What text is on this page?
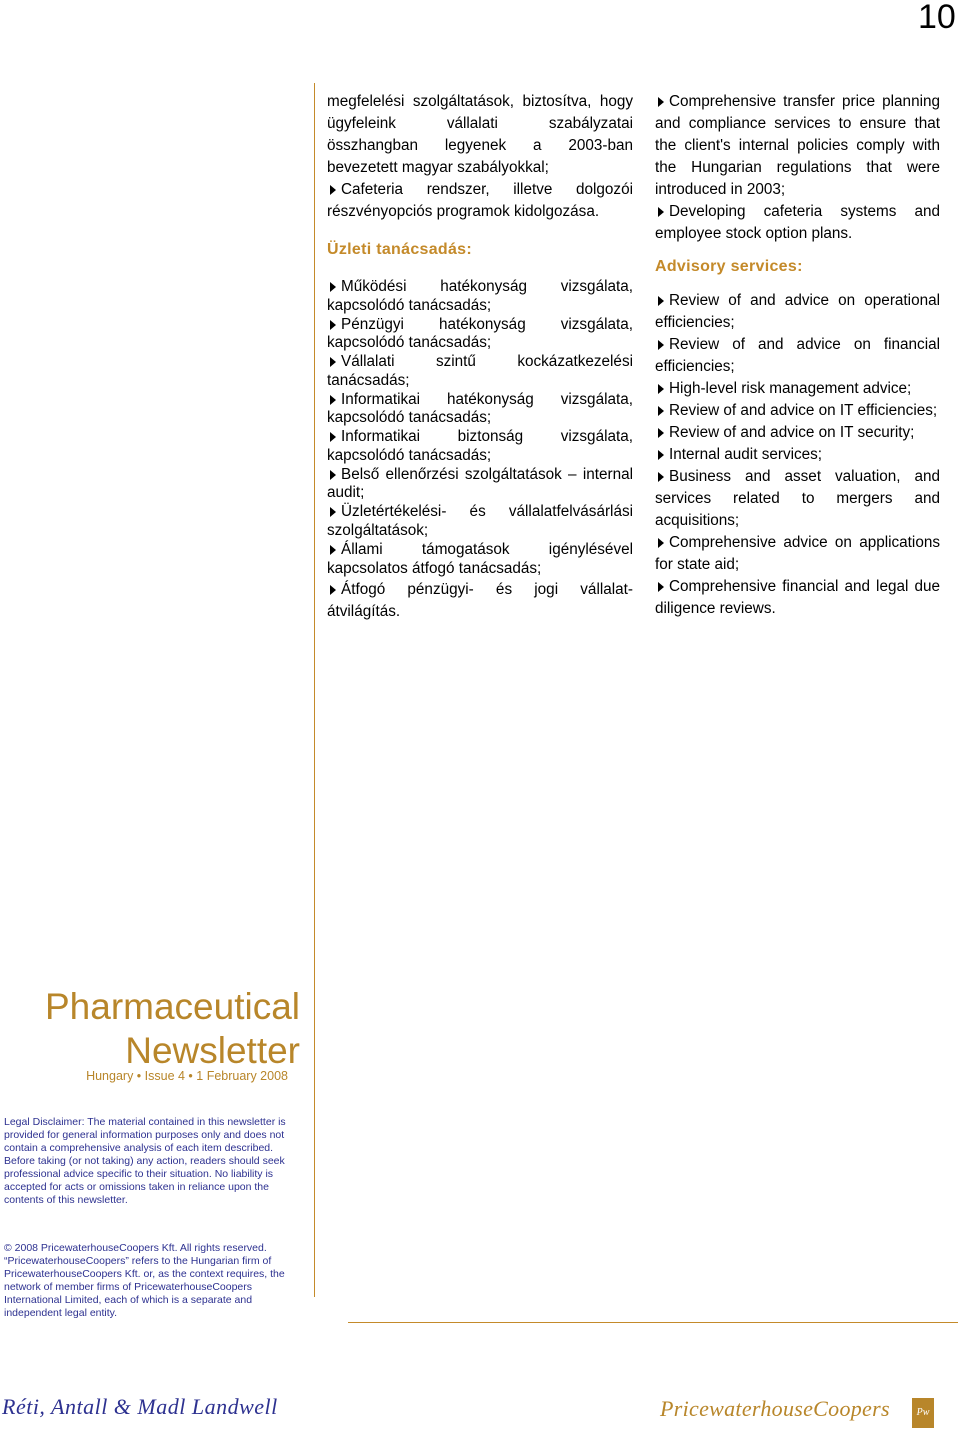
10

megfelelési szolgáltatások, biztosítva, hogy ügyfeleink vállalati szabályzatai összhangban legyenek a 2003-ban bevezetett magyar szabályokkal;

Cafeteria rendszer, illetve dolgozói részvényopciós programok kidolgozása.

Üzleti tanácsadás:

Működési hatékonyság vizsgálata, kapcsolódó tanácsadás;

Pénzügyi hatékonyság vizsgálata, kapcsolódó tanácsadás;

Vállalati szintű kockázatkezelési tanácsadás;

Informatikai hatékonyság vizsgálata, kapcsolódó tanácsadás;

Informatikai biztonság vizsgálata, kapcsolódó tanácsadás;

Belső ellenőrzési szolgáltatások – internal audit;

Üzletértékelési- és vállalatfelvásárlási szolgáltatások;

Állami támogatások igénylésével kapcsolatos átfogó tanácsadás;

Átfogó pénzügyi- és jogi vállalat-átvilágítás.

Comprehensive transfer price planning and compliance services to ensure that the client's internal policies comply with the Hungarian regulations that were introduced in 2003;

Developing cafeteria systems and employee stock option plans.

Advisory services:

Review of and advice on operational efficiencies;

Review of and advice on financial efficiencies;

High-level risk management advice;

Review of and advice on IT efficiencies;

Review of and advice on IT security;

Internal audit services;

Business and asset valuation, and services related to mergers and acquisitions;

Comprehensive advice on applications for state aid;

Comprehensive financial and legal due diligence reviews.

Pharmaceutical
Newsletter
Hungary • Issue 4 • 1 February 2008
Legal Disclaimer: The material contained in this newsletter is provided for general information purposes only and does not contain a comprehensive analysis of each item described. Before taking (or not taking) any action, readers should seek professional advice specific to their situation. No liability is accepted for acts or omissions taken in reliance upon the contents of this newsletter.
© 2008 PricewaterhouseCoopers Kft. All rights reserved. “PricewaterhouseCoopers” refers to the Hungarian firm of PricewaterhouseCoopers Kft. or, as the context requires, the network of member firms of PricewaterhouseCoopers International Limited, each of which is a separate and independent legal entity.
Réti, Antall & Madl Landwell	PricewaterhouseCoopers	Pw
